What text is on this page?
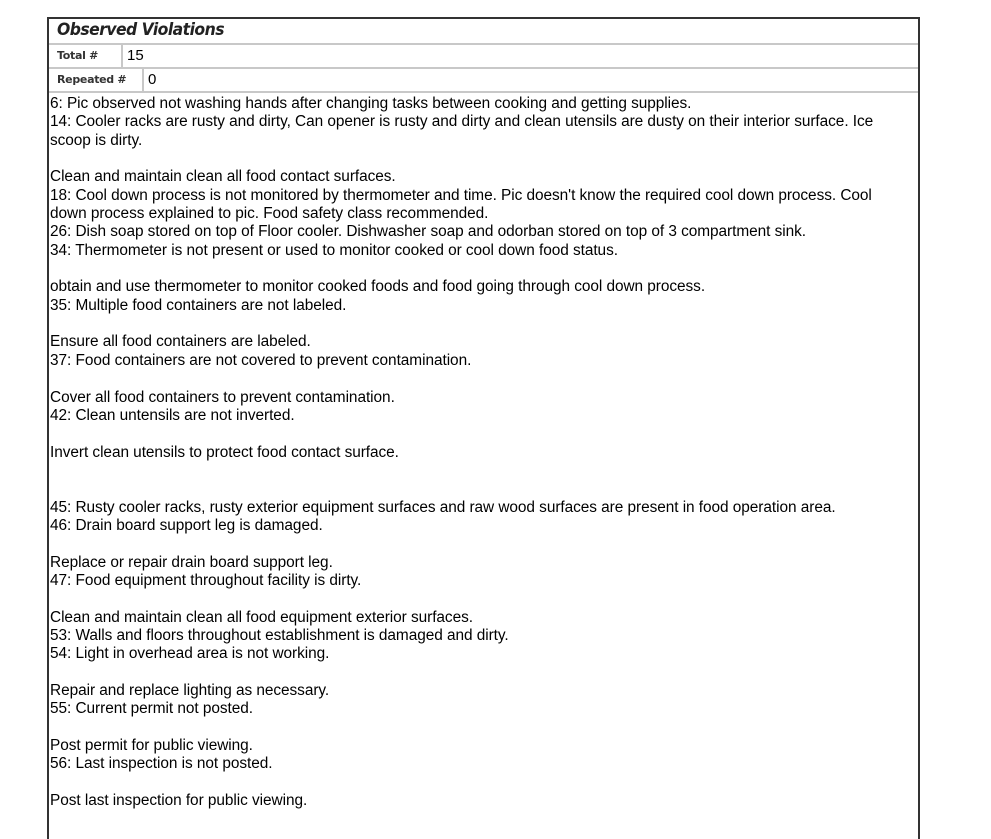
Observed Violations
Total #	15
Repeated #	0
6: Pic observed not washing hands after changing tasks between cooking and getting supplies.
14: Cooler racks are rusty and dirty, Can opener is rusty and dirty and clean utensils are dusty on their interior surface. Ice
scoop is dirty.
Clean and maintain clean all food contact surfaces.
18: Cool down process is not monitored by thermometer and time. Pic doesn't know the required cool down process. Cool
down process explained to pic. Food safety class recommended.
26: Dish soap stored on top of Floor cooler. Dishwasher soap and odorban stored on top of 3 compartment sink.
34: Thermometer is not present or used to monitor cooked or cool down food status.
obtain and use thermometer to monitor cooked foods and food going through cool down process.
35: Multiple food containers are not labeled.
Ensure all food containers are labeled.
37: Food containers are not covered to prevent contamination.
Cover all food containers to prevent contamination.
42: Clean untensils are not inverted.
Invert clean utensils to protect food contact surface.
45: Rusty cooler racks, rusty exterior equipment surfaces and raw wood surfaces are present in food operation area.
46: Drain board support leg is damaged.
Replace or repair drain board support leg.
47: Food equipment throughout facility is dirty.
Clean and maintain clean all food equipment exterior surfaces.
53: Walls and floors throughout establishment is damaged and dirty.
54: Light in overhead area is not working.
Repair and replace lighting as necessary.
55: Current permit not posted.
Post permit for public viewing.
56: Last inspection is not posted.
Post last inspection for public viewing.
